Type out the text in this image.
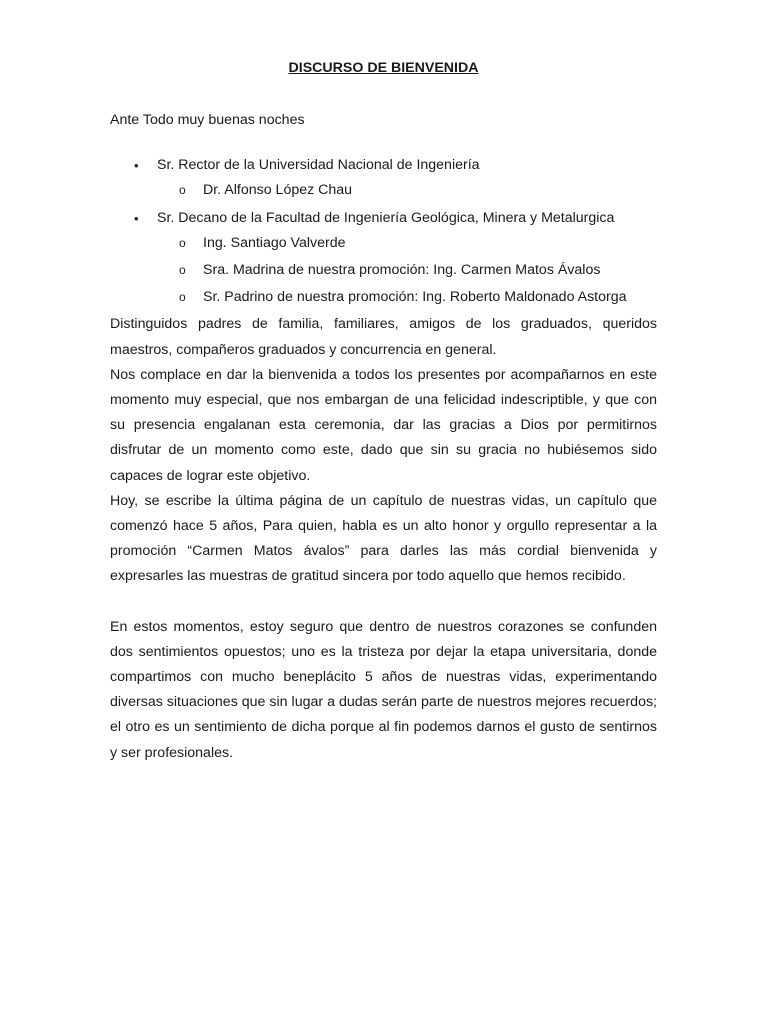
DISCURSO DE BIENVENIDA
Ante Todo muy buenas noches
• Sr. Rector de la Universidad Nacional de Ingeniería
o Dr. Alfonso López Chau
• Sr. Decano de la Facultad de Ingeniería Geológica, Minera y Metalurgica
o Ing. Santiago Valverde
o Sra. Madrina de nuestra promoción: Ing. Carmen Matos Ávalos
o Sr. Padrino de nuestra promoción: Ing. Roberto Maldonado Astorga

Distinguidos padres de familia, familiares, amigos de los graduados, queridos maestros, compañeros graduados y concurrencia en general.

Nos complace en dar la bienvenida a todos los presentes por acompañarnos en este momento muy especial, que nos embargan de una felicidad indescriptible, y que con su presencia engalanan esta ceremonia, dar las gracias a Dios por permitirnos disfrutar de un momento como este, dado que sin su gracia no hubiésemos sido capaces de lograr este objetivo.

Hoy, se escribe la última página de un capítulo de nuestras vidas, un capítulo que comenzó hace 5 años, Para quien, habla es un alto honor y orgullo representar a la promoción “Carmen Matos ávalos” para darles las más cordial bienvenida y expresarles las muestras de gratitud sincera por todo aquello que hemos recibido.

En estos momentos, estoy seguro que dentro de nuestros corazones se confunden dos sentimientos opuestos; uno es la tristeza por dejar la etapa universitaria, donde compartimos con mucho beneplácito 5 años de nuestras vidas, experimentando diversas situaciones que sin lugar a dudas serán parte de nuestros mejores recuerdos; el otro es un sentimiento de dicha porque al fin podemos darnos el gusto de sentirnos y ser profesionales.
